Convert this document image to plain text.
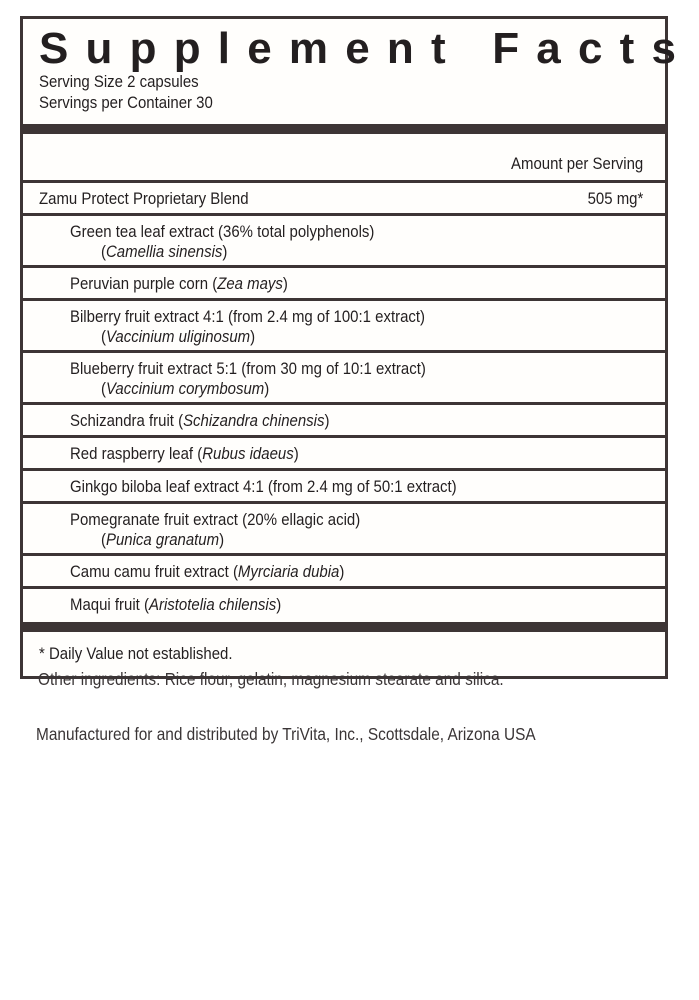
Supplement Facts
Serving Size 2 capsules
Servings per Container 30
Amount per Serving
Zamu Protect Proprietary Blend	505 mg*
Green tea leaf extract (36% total polyphenols)
(Camellia sinensis)
Peruvian purple corn (Zea mays)
Bilberry fruit extract 4:1 (from 2.4 mg of 100:1 extract)
(Vaccinium uliginosum)
Blueberry fruit extract 5:1 (from 30 mg of 10:1 extract)
(Vaccinium corymbosum)
Schizandra fruit (Schizandra chinensis)
Red raspberry leaf (Rubus idaeus)
Ginkgo biloba leaf extract 4:1 (from 2.4 mg of 50:1 extract)
Pomegranate fruit extract (20% ellagic acid)
(Punica granatum)
Camu camu fruit extract (Myrciaria dubia)
Maqui fruit (Aristotelia chilensis)
* Daily Value not established.
Other ingredients: Rice flour, gelatin, magnesium stearate and silica.
Manufactured for and distributed by TriVita, Inc., Scottsdale, Arizona USA
